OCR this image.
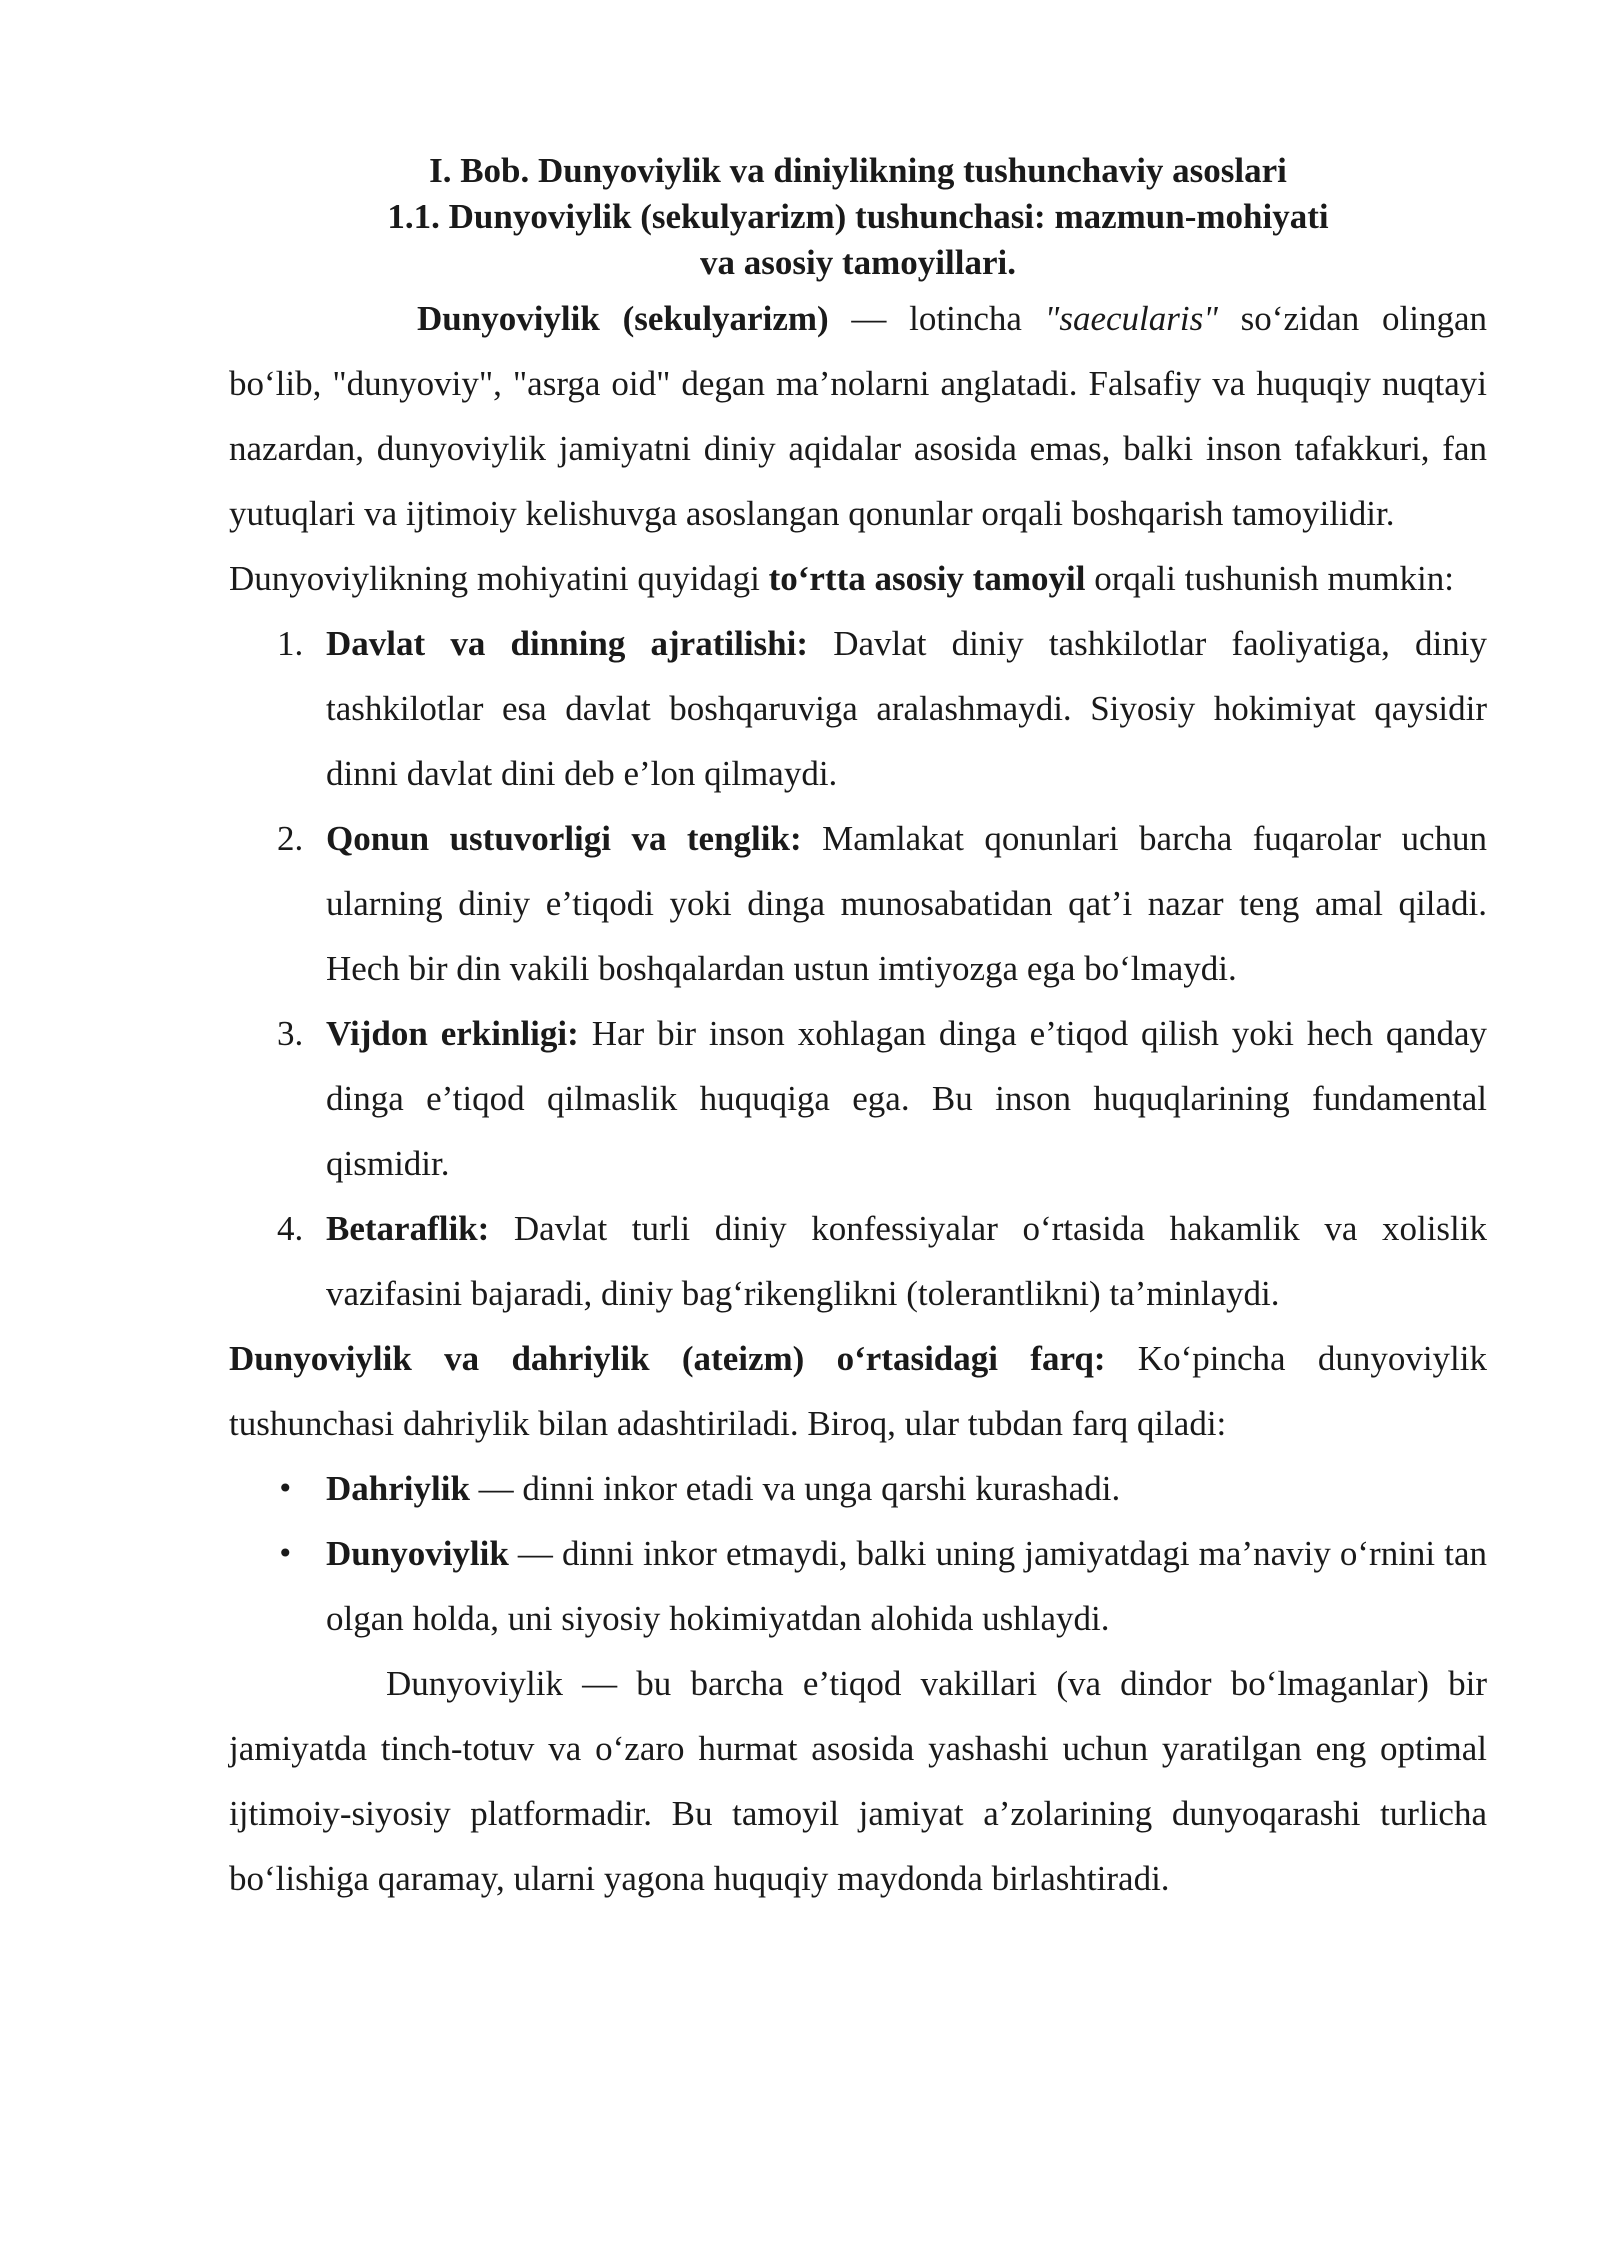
I. Bob. Dunyoviylik va diniylikning tushunchaviy asoslari
1.1. Dunyoviylik (sekulyarizm) tushunchasi: mazmun-mohiyati va asosiy tamoyillari.

Dunyoviylik (sekulyarizm) — lotincha "saecularis" so‘zidan olingan bo‘lib, "dunyoviy", "asrga oid" degan ma’nolarni anglatadi. Falsafiy va huquqiy nuqtayi nazardan, dunyoviylik jamiyatni diniy aqidalar asosida emas, balki inson tafakkuri, fan yutuqlari va ijtimoiy kelishuvga asoslangan qonunlar orqali boshqarish tamoyilidir.

Dunyoviylikning mohiyatini quyidagi to‘rtta asosiy tamoyil orqali tushunish mumkin:

1. Davlat va dinning ajratilishi: Davlat diniy tashkilotlar faoliyatiga, diniy tashkilotlar esa davlat boshqaruviga aralashmaydi. Siyosiy hokimiyat qaysidir dinni davlat dini deb e’lon qilmaydi.
2. Qonun ustuvorligi va tenglik: Mamlakat qonunlari barcha fuqarolar uchun ularning diniy e’tiqodi yoki dinga munosabatidan qat’i nazar teng amal qiladi. Hech bir din vakili boshqalardan ustun imtiyozga ega bo‘lmaydi.
3. Vijdon erkinligi: Har bir inson xohlagan dinga e’tiqod qilish yoki hech qanday dinga e’tiqod qilmaslik huquqiga ega. Bu inson huquqlarining fundamental qismidir.
4. Betaraflik: Davlat turli diniy konfessiyalar o‘rtasida hakamlik va xolislik vazifasini bajaradi, diniy bag‘rikenglikni (tolerantlikni) ta’minlaydi.

Dunyoviylik va dahriylik (ateizm) o‘rtasidagi farq: Ko‘pincha dunyoviylik tushunchasi dahriylik bilan adashtiriladi. Biroq, ular tubdan farq qiladi:

• Dahriylik — dinni inkor etadi va unga qarshi kurashadi.
• Dunyoviylik — dinni inkor etmaydi, balki uning jamiyatdagi ma’naviy o‘rnini tan olgan holda, uni siyosiy hokimiyatdan alohida ushlaydi.

Dunyoviylik — bu barcha e’tiqod vakillari (va dindor bo‘lmaganlar) bir jamiyatda tinch-totuv va o‘zaro hurmat asosida yashashi uchun yaratilgan eng optimal ijtimoiy-siyosiy platformadir. Bu tamoyil jamiyat a’zolarining dunyoqarashi turlicha bo‘lishiga qaramay, ularni yagona huquqiy maydonda birlashtiradi.
